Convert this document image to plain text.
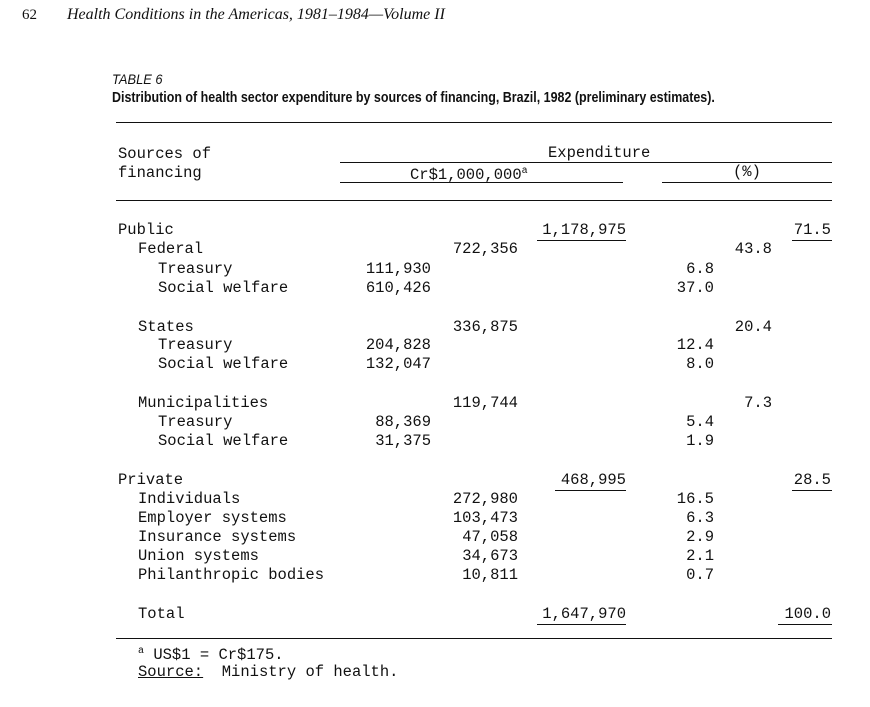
62 Health Conditions in the Americas, 1981–1984—Volume II
TABLE 6
Distribution of health sector expenditure by sources of financing, Brazil, 1982 (preliminary estimates).
Sources of
financing
Expenditure
Cr$1,000,000$^a$	(%)
Public	1,178,975	71.5
Federal	722,356	43.8
Treasury	111,930	6.8
Social welfare	610,426	37.0
States	336,875	20.4
Treasury	204,828	12.4
Social welfare	132,047	8.0
Municipalities	119,744	7.3
Treasury	88,369	5.4
Social welfare	31,375	1.9
Private	468,995	28.5
Individuals	272,980	16.5
Employer systems	103,473	6.3
Insurance systems	47,058	2.9
Union systems	34,673	2.1
Philanthropic bodies	10,811	0.7
Total	1,647,970	100.0
$^a$ US$1 = Cr$175.
Source: Ministry of health.
